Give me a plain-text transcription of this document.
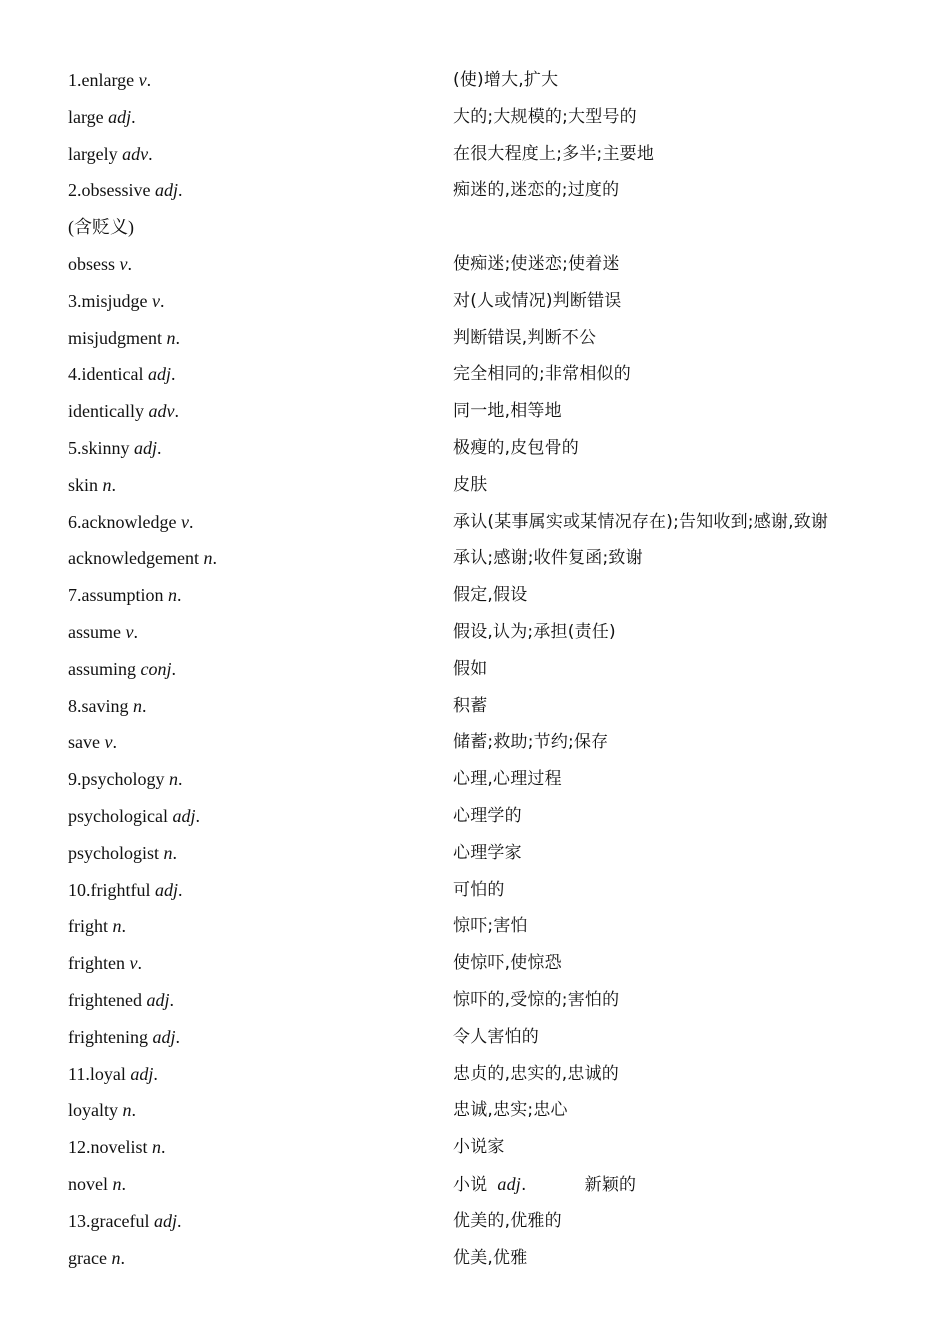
1.enlarge v.	(使)增大,扩大
large adj.	大的;大规模的;大型号的
largely adv.	在很大程度上;多半;主要地
2.obsessive adj.	痴迷的,迷恋的;过度的
(含贬义)
obsess v.	使痴迷;使迷恋;使着迷
3.misjudge v.	对(人或情况)判断错误
misjudgment n.	判断错误,判断不公
4.identical adj.	完全相同的;非常相似的
identically adv.	同一地,相等地
5.skinny adj.	极瘦的,皮包骨的
skin n.	皮肤
6.acknowledge v.	承认(某事属实或某情况存在);告知收到;感谢,致谢
acknowledgement n.	承认;感谢;收件复函;致谢
7.assumption n.	假定,假设
assume v.	假设,认为;承担(责任)
assuming conj.	假如
8.saving n.	积蓄
save v.	储蓄;救助;节约;保存
9.psychology n.	心理,心理过程
psychological adj.	心理学的
psychologist n.	心理学家
10.frightful adj.	可怕的
fright n.	惊吓;害怕
frighten v.	使惊吓,使惊恐
frightened adj.	惊吓的,受惊的;害怕的
frightening adj.	令人害怕的
11.loyal adj.	忠贞的,忠实的,忠诚的
loyalty n.	忠诚,忠实;忠心
12.novelist n.	小说家
novel n.	小说 adj.	新颖的
13.graceful adj.	优美的,优雅的
grace n.	优美,优雅
